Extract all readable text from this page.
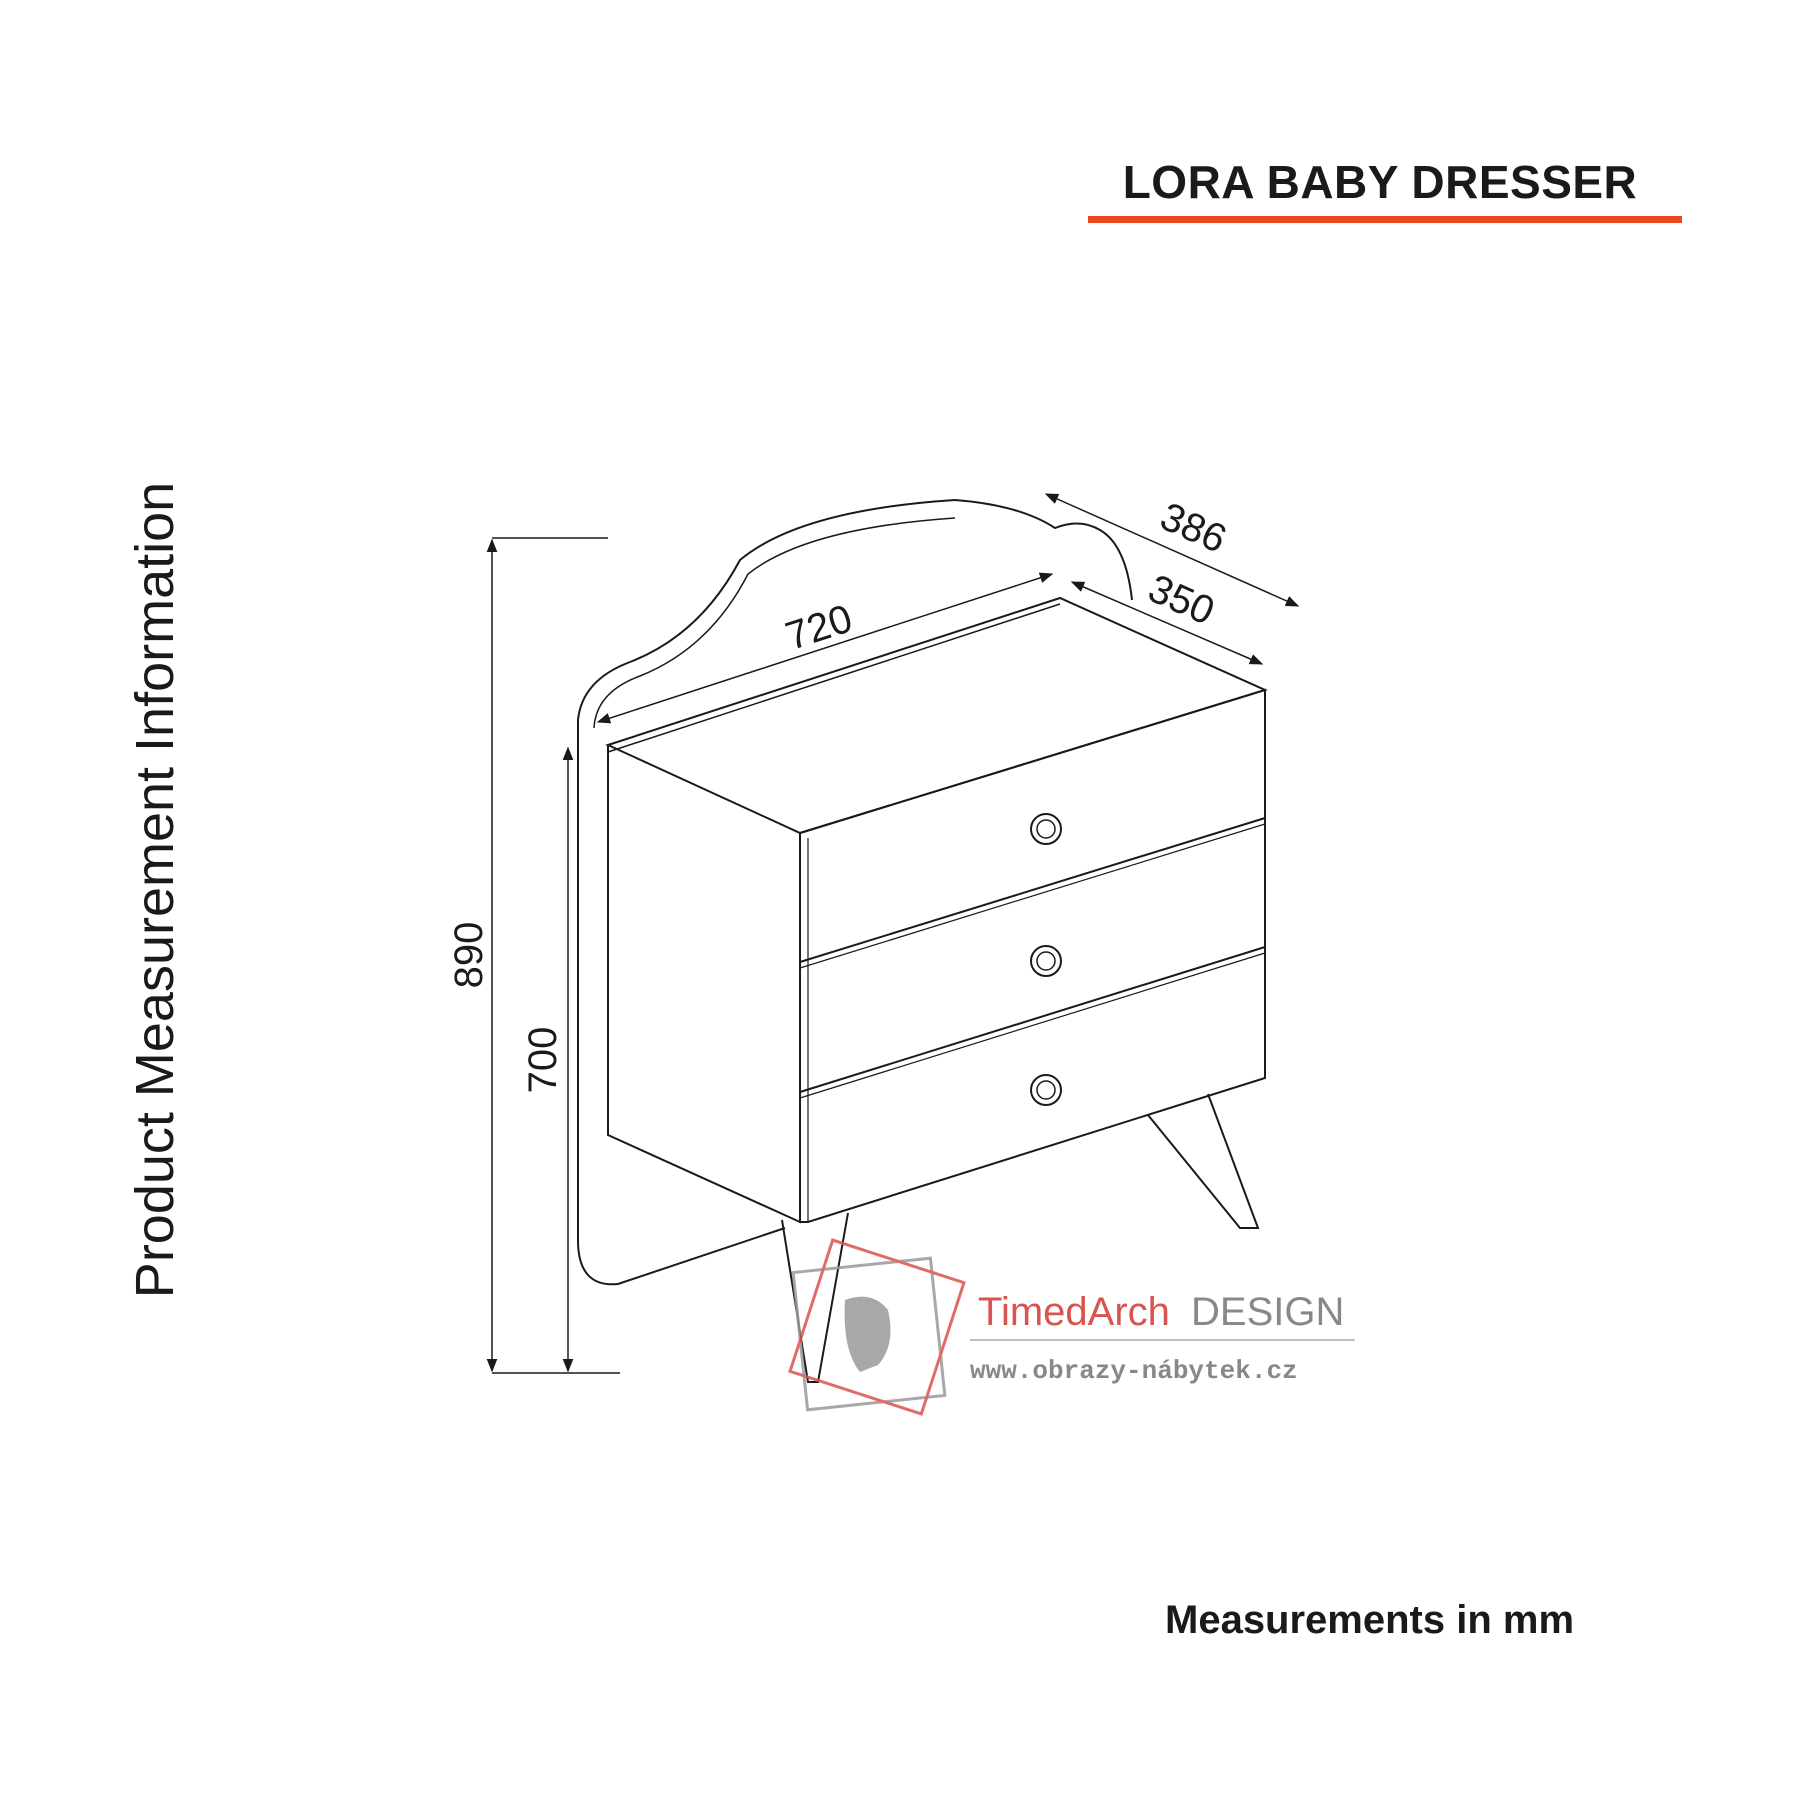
LORA BABY DRESSER
Product Measurement Information	720
386
350
890
700
TimedArch DESIGN
www.obrazy-nábytek.cz
Measurements in mm
